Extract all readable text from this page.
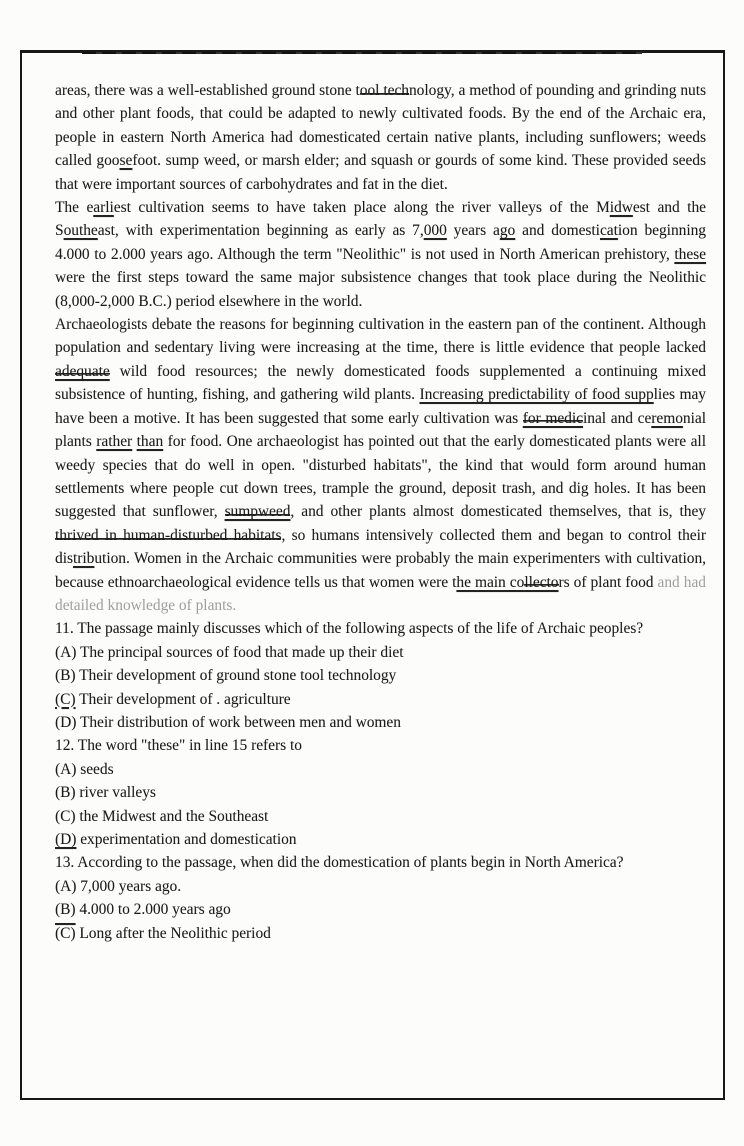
areas, there was a well-established ground stone tool technology, a method of pounding and grinding nuts and other plant foods, that could be adapted to newly cultivated foods. By the end of the Archaic era, people in eastern North America had domesticated certain native plants, including sunflowers; weeds called goosefoot. sump weed, or marsh elder; and squash or gourds of some kind. These provided seeds that were important sources of carbohydrates and fat in the diet.

The earliest cultivation seems to have taken place along the river valleys of the Midwest and the Southeast, with experimentation beginning as early as 7,000 years ago and domestication beginning 4.000 to 2.000 years ago. Although the term "Neolithic" is not used in North American prehistory, these were the first steps toward the same major subsistence changes that took place during the Neolithic (8,000-2,000 B.C.) period elsewhere in the world.

Archaeologists debate the reasons for beginning cultivation in the eastern pan of the continent. Although population and sedentary living were increasing at the time, there is little evidence that people lacked adequate wild food resources; the newly domesticated foods supplemented a continuing mixed subsistence of hunting, fishing, and gathering wild plants. Increasing predictability of food supplies may have been a motive. It has been suggested that some early cultivation was for medicinal and ceremonial plants rather than for food. One archaeologist has pointed out that the early domesticated plants were all weedy species that do well in open. "disturbed habitats", the kind that would form around human settlements where people cut down trees, trample the ground, deposit trash, and dig holes. It has been suggested that sunflower, sumpweed, and other plants almost domesticated themselves, that is, they thrived in human-disturbed habitats, so humans intensively collected them and began to control their distribution. Women in the Archaic communities were probably the main experimenters with cultivation, because ethnoarchaeological evidence tells us that women were the main collectors of plant food and had detailed knowledge of plants.

11. The passage mainly discusses which of the following aspects of the life of Archaic peoples?
(A) The principal sources of food that made up their diet
(B) Their development of ground stone tool technology
(C) Their development of . agriculture
(D) Their distribution of work between men and women
12. The word "these" in line 15 refers to
(A) seeds
(B) river valleys
(C) the Midwest and the Southeast
(D) experimentation and domestication
13. According to the passage, when did the domestication of plants begin in North America?
(A) 7,000 years ago.
(B) 4.000 to 2.000 years ago
(C) Long after the Neolithic period
